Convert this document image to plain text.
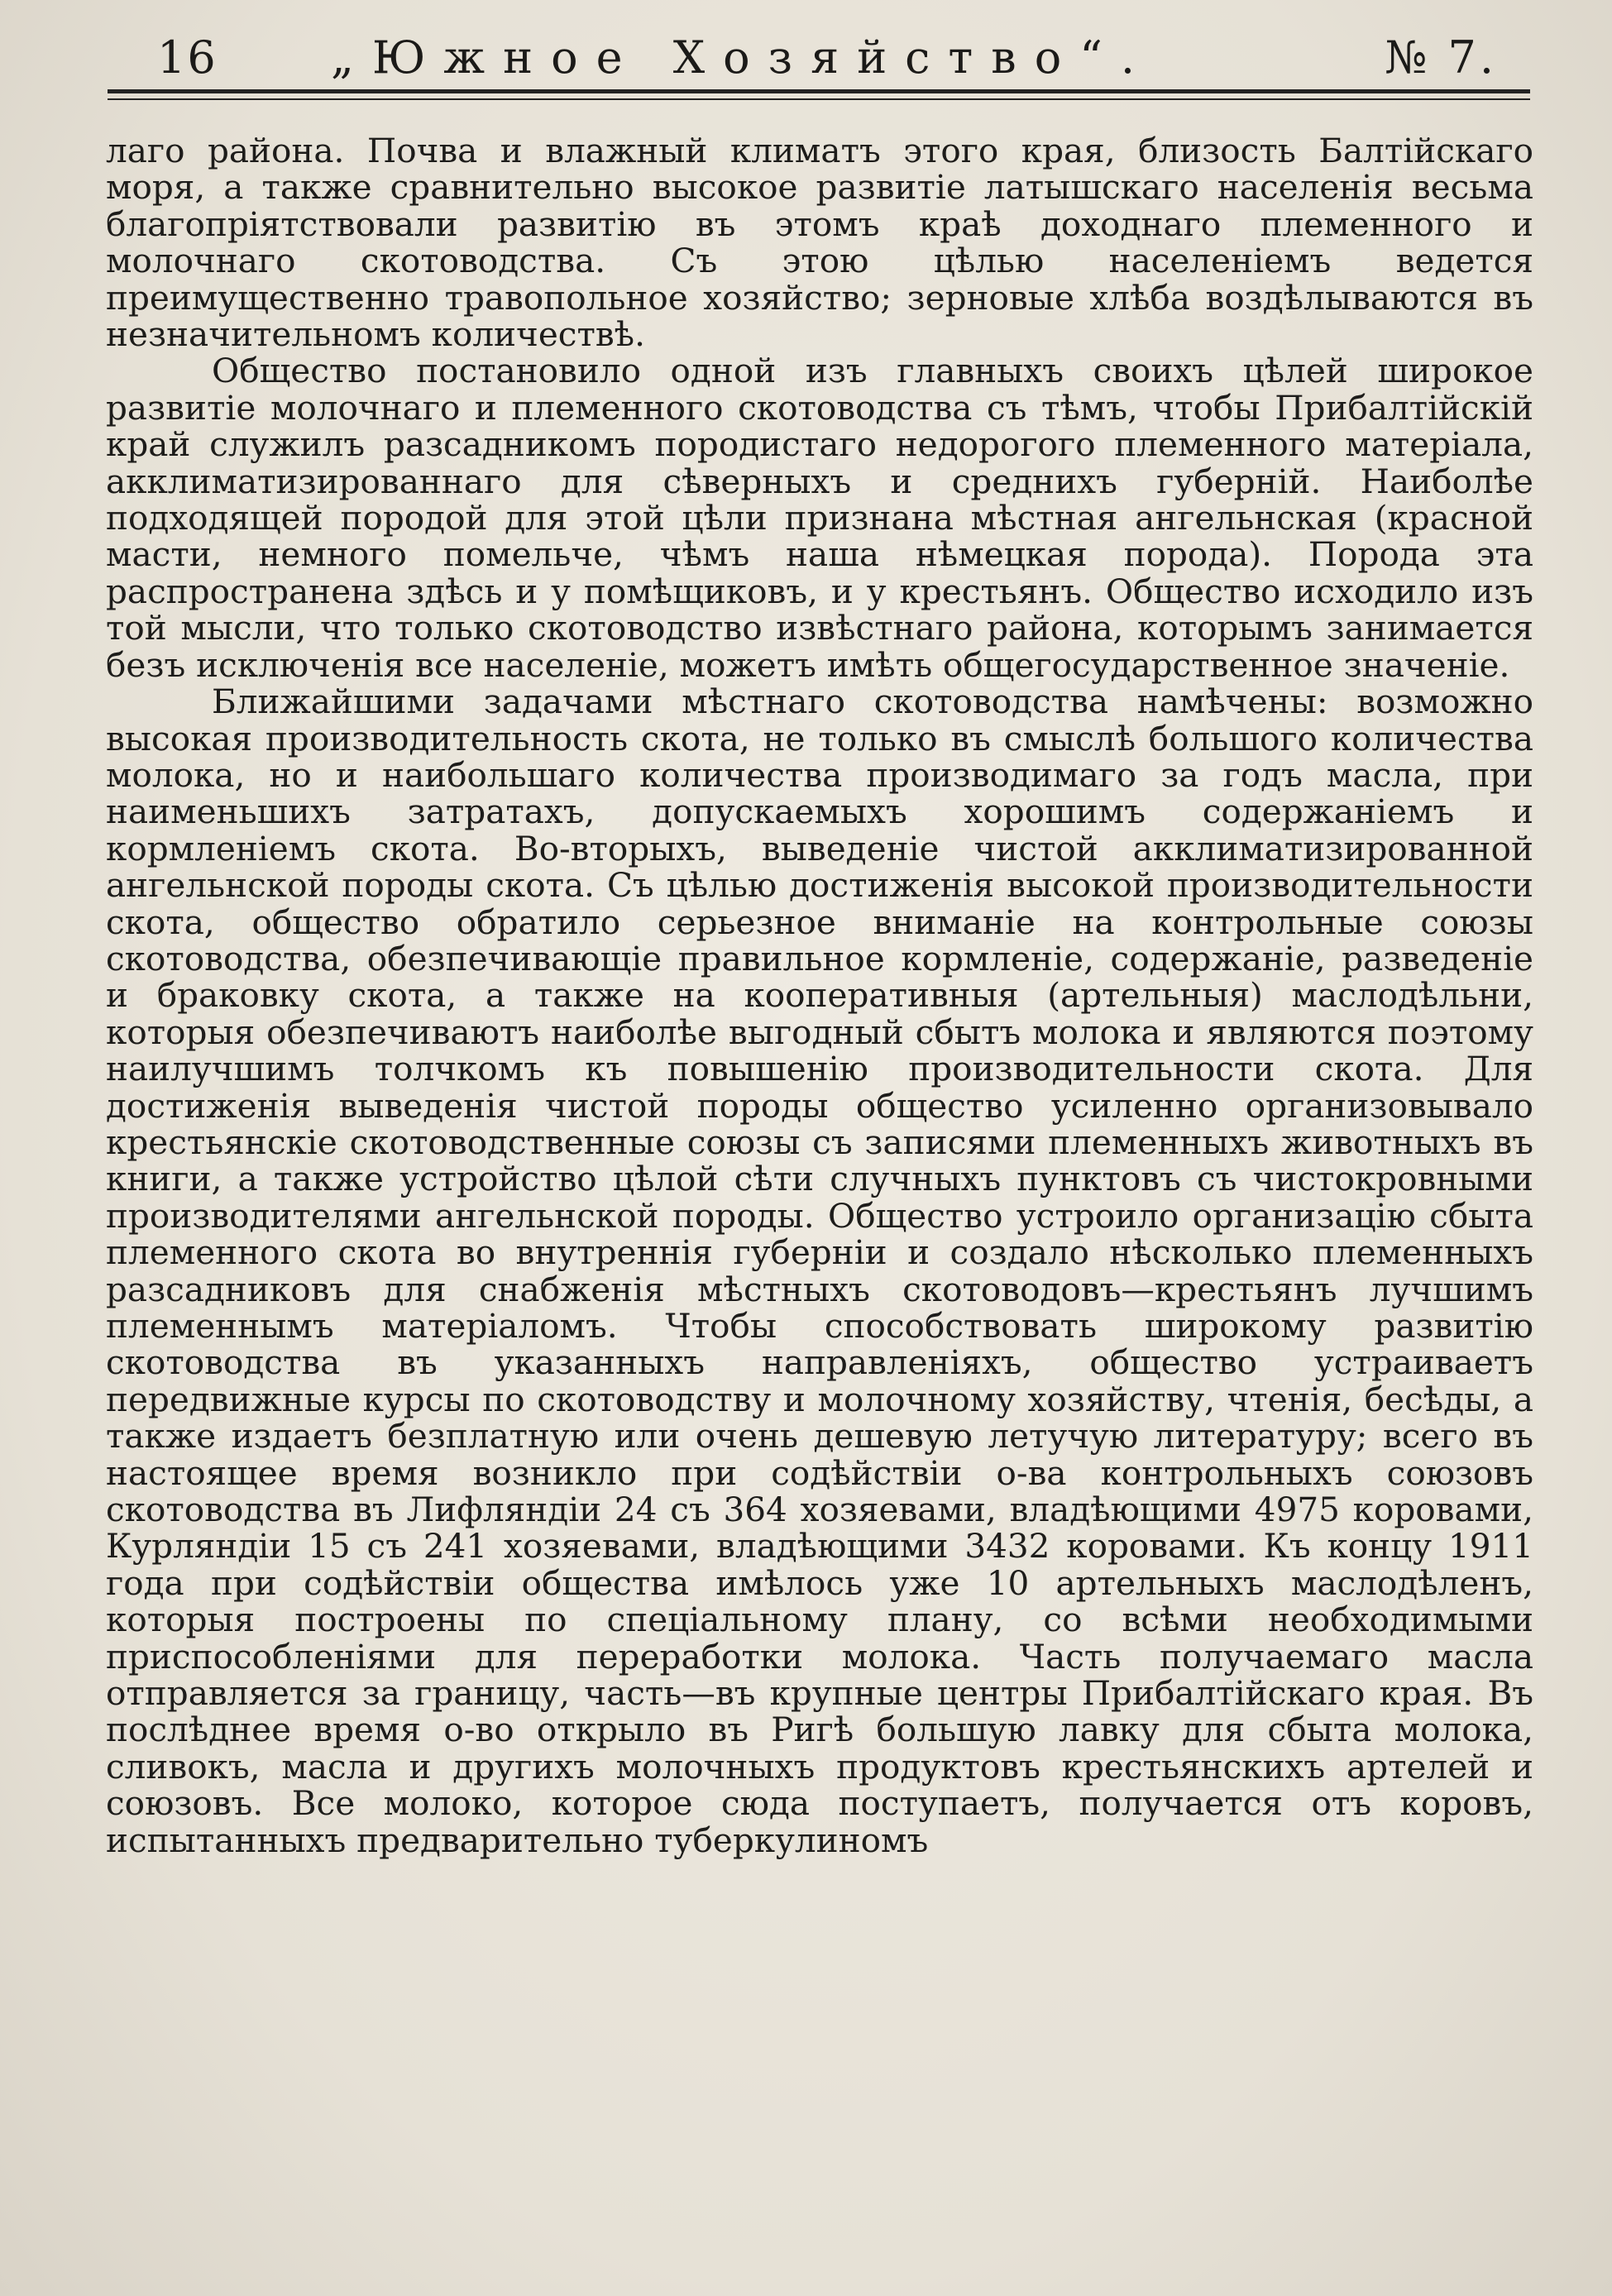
16	„Южное Хозяйство“.	№ 7.

лаго района. Почва и влажный климатъ этого края, близость Балтійскаго моря, а также сравнительно высокое развитіе латышскаго населенія весьма благопріятствовали развитію въ этомъ краѣ доходнаго племенного и молочнаго скотоводства. Съ этою цѣлью населеніемъ ведется преимущественно травопольное хозяйство; зерновые хлѣба воздѣлываются въ незначительномъ количествѣ.

Общество постановило одной изъ главныхъ своихъ цѣлей широкое развитіе молочнаго и племенного скотоводства съ тѣмъ, чтобы Прибалтійскій край служилъ разсадникомъ породистаго недорогого племенного матеріала, акклиматизированнаго для сѣверныхъ и среднихъ губерній. Наиболѣе подходящей породой для этой цѣли признана мѣстная ангельнская (красной масти, немного помельче, чѣмъ наша нѣмецкая порода). Порода эта распространена здѣсь и у помѣщиковъ, и у крестьянъ. Общество исходило изъ той мысли, что только скотоводство извѣстнаго района, которымъ занимается безъ исключенія все населеніе, можетъ имѣть общегосударственное значеніе.

Ближайшими задачами мѣстнаго скотоводства намѣчены: возможно высокая производительность скота, не только въ смыслѣ большого количества молока, но и наибольшаго количества производимаго за годъ масла, при наименьшихъ затратахъ, допускаемыхъ хорошимъ содержаніемъ и кормленіемъ скота. Во-вторыхъ, выведеніе чистой акклиматизированной ангельнской породы скота. Съ цѣлью достиженія высокой производительности скота, общество обратило серьезное вниманіе на контрольные союзы скотоводства, обезпечивающіе правильное кормленіе, содержаніе, разведеніе и браковку скота, а также на кооперативныя (артельныя) маслодѣльни, которыя обезпечиваютъ наиболѣе выгодный сбытъ молока и являются поэтому наилучшимъ толчкомъ къ повышенію производительности скота. Для достиженія выведенія чистой породы общество усиленно организовывало крестьянскіе скотоводственные союзы съ записями племенныхъ животныхъ въ книги, а также устройство цѣлой сѣти случныхъ пунктовъ съ чистокровными производителями ангельнской породы. Общество устроило организацію сбыта племенного скота во внутреннія губерніи и создало нѣсколько племенныхъ разсадниковъ для снабженія мѣстныхъ скотоводовъ—крестьянъ лучшимъ племеннымъ матеріаломъ. Чтобы способствовать широкому развитію скотоводства въ указанныхъ направленіяхъ, общество устраиваетъ передвижные курсы по скотоводству и молочному хозяйству, чтенія, бесѣды, а также издаетъ безплатную или очень дешевую летучую литературу; всего въ настоящее время возникло при содѣйствіи о-ва контрольныхъ союзовъ скотоводства въ Лифляндіи 24 съ 364 хозяевами, владѣющими 4975 коровами, Курляндіи 15 съ 241 хозяевами, владѣющими 3432 коровами. Къ концу 1911 года при содѣйствіи общества имѣлось уже 10 артельныхъ маслодѣленъ, которыя построены по спеціальному плану, со всѣми необходимыми приспособленіями для переработки молока. Часть получаемаго масла отправляется за границу, часть—въ крупные центры Прибалтійскаго края. Въ послѣднее время о-во открыло въ Ригѣ большую лавку для сбыта молока, сливокъ, масла и другихъ молочныхъ продуктовъ крестьянскихъ артелей и союзовъ. Все молоко, которое сюда поступаетъ, получается отъ коровъ, испытанныхъ предварительно туберкулиномъ
